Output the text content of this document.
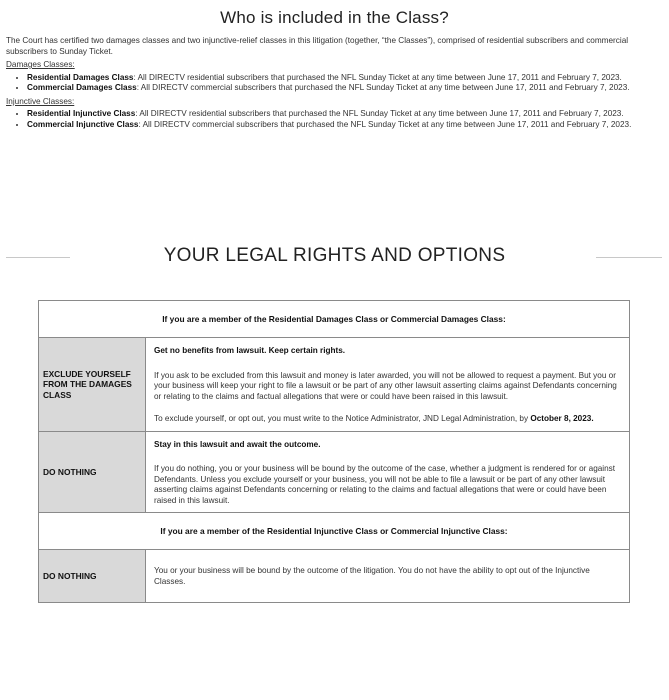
Who is included in the Class?

The Court has certified two damages classes and two injunctive-relief classes in this litigation (together, “the Classes”), comprised of residential subscribers and commercial subscribers to Sunday Ticket.

Damages Classes:
• Residential Damages Class: All DIRECTV residential subscribers that purchased the NFL Sunday Ticket at any time between June 17, 2011 and February 7, 2023.
• Commercial Damages Class: All DIRECTV commercial subscribers that purchased the NFL Sunday Ticket at any time between June 17, 2011 and February 7, 2023.
Injunctive Classes:
• Residential Injunctive Class: All DIRECTV residential subscribers that purchased the NFL Sunday Ticket at any time between June 17, 2011 and February 7, 2023.
• Commercial Injunctive Class: All DIRECTV commercial subscribers that purchased the NFL Sunday Ticket at any time between June 17, 2011 and February 7, 2023.
YOUR LEGAL RIGHTS AND OPTIONS
If you are a member of the Residential Damages Class or Commercial Damages Class:	
EXCLUDE YOURSELF FROM THE DAMAGES CLASS	Get no benefits from lawsuit. Keep certain rights.

If you ask to be excluded from this lawsuit and money is later awarded, you will not be allowed to request a payment. But you or your business will keep your right to file a lawsuit or be part of any other lawsuit asserting claims against Defendants concerning or relating to the claims and factual allegations that were or could have been raised in this lawsuit.

To exclude yourself, or opt out, you must write to the Notice Administrator, JND Legal Administration, by October 8, 2023.

DO NOTHING	Stay in this lawsuit and await the outcome.

If you do nothing, you or your business will be bound by the outcome of the case, whether a judgment is rendered for or against Defendants. Unless you exclude yourself or your business, you will not be able to file a lawsuit or be part of any other lawsuit asserting claims against Defendants concerning or relating to the claims and factual allegations that were or could have been raised in this lawsuit.

If you are a member of the Residential Injunctive Class or Commercial Injunctive Class:	
DO NOTHING	You or your business will be bound by the outcome of the litigation. You do not have the ability to opt out of the Injunctive Classes.
